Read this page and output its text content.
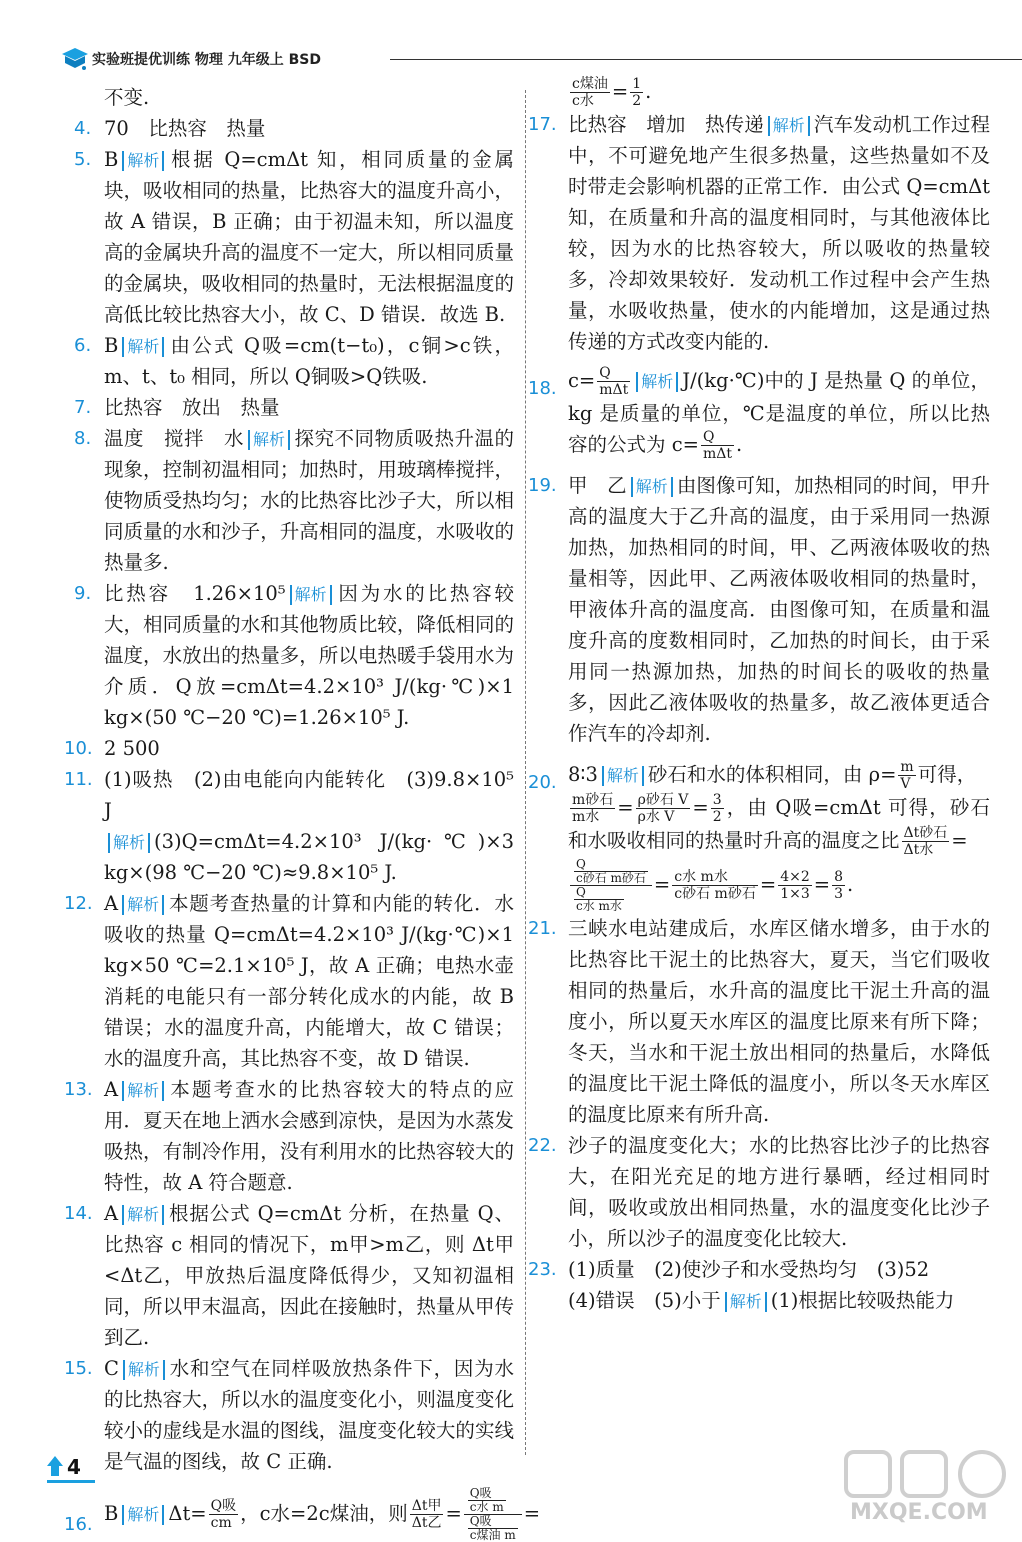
实验班提优训练 物理 九年级上 BSD

不变.

4. 70　比热容　热量

5. B 解析 根据 Q=cmΔt 知，相同质量的金属块，吸收相同的热量，比热容大的温度升高小，故 A 错误，B 正确；由于初温未知，所以温度高的金属块升高的温度不一定大，所以相同质量的金属块，吸收相同的热量时，无法根据温度的高低比较比热容大小，故 C、D 错误．故选 B.

6. B 解析 由公式 Q吸=cm(t−t₀)，c铜>c铁，m、t、t₀ 相同，所以 Q铜吸>Q铁吸.

7. 比热容　放出　热量

8. 温度　搅拌　水 解析 探究不同物质吸热升温的现象，控制初温相同；加热时，用玻璃棒搅拌，使物质受热均匀；水的比热容比沙子大，所以相同质量的水和沙子，升高相同的温度，水吸收的热量多.

9. 比热容　1.26×10⁵ 解析 因为水的比热容较大，相同质量的水和其他物质比较，降低相同的温度，水放出的热量多，所以电热暖手袋用水为介质．Q放=cmΔt=4.2×10³ J/(kg·℃)×1 kg×(50 ℃−20 ℃)=1.26×10⁵ J.

10. 2 500

11. (1)吸热　(2)由电能向内能转化　(3)9.8×10⁵ J

解析 (3)Q=cmΔt=4.2×10³ J/(kg·℃)×3 kg×(98 ℃−20 ℃)≈9.8×10⁵ J.

12. A 解析 本题考查热量的计算和内能的转化．水吸收的热量 Q=cmΔt=4.2×10³ J/(kg·℃)×1 kg×50 ℃=2.1×10⁵ J，故 A 正确；电热水壶消耗的电能只有一部分转化成水的内能，故 B 错误；水的温度升高，内能增大，故 C 错误；水的温度升高，其比热容不变，故 D 错误.

13. A 解析 本题考查水的比热容较大的特点的应用．夏天在地上洒水会感到凉快，是因为水蒸发吸热，有制冷作用，没有利用水的比热容较大的特性，故 A 符合题意.

14. A 解析 根据公式 Q=cmΔt 分析，在热量 Q、比热容 c 相同的情况下，m甲>m乙，则 Δt甲<Δt乙，甲放热后温度降低得少，又知初温相同，所以甲末温高，因此在接触时，热量从甲传到乙.

15. C 解析 水和空气在同样吸放热条件下，因为水的比热容大，所以水的温度变化小，则温度变化较小的虚线是水温的图线，温度变化较大的实线是气温的图线，故 C 正确.

16. B 解析 $\Delta t= \frac{\text{Q吸}}{cm}$ ，c水=2c煤油，则 $\frac{\text{Δt甲}}{\text{Δt乙}} = \frac{\text{Q吸}}{\text{c水 m}}$
$\frac{\text{Q吸}}{\text{c煤油 m}}$
=

$\frac{\text{c煤油}}{\text{c水}} = \frac{1}{2}$ .

17. 比热容　增加　热传递 解析 汽车发动机工作过程中，不可避免地产生很多热量，这些热量如不及时带走会影响机器的正常工作．由公式 Q=cmΔt 知，在质量和升高的温度相同时，与其他液体比较，因为水的比热容较大，所以吸收的热量较多，冷却效果较好．发动机工作过程中会产生热量，水吸收热量，使水的内能增加，这是通过热传递的方式改变内能的.

18. $c= \frac{Q}{\text{mΔt}}$ 解析 J/(kg·℃)中的 J 是热量 Q 的单位，kg 是质量的单位，℃是温度的单位，所以比热容的公式为 $c= \frac{Q}{\text{mΔt}}$ .

19. 甲　乙 解析 由图像可知，加热相同的时间，甲升高的温度大于乙升高的温度，由于采用同一热源加热，加热相同的时间，甲、乙两液体吸收的热量相等，因此甲、乙两液体吸收相同的热量时，甲液体升高的温度高．由图像可知，在质量和温度升高的度数相同时，乙加热的时间长，由于采用同一热源加热，加热的时间长的吸收的热量多，因此乙液体吸收的热量多，故乙液体更适合作汽车的冷却剂.

20. 8∶3 解析 砂石和水的体积相同，由 $\rho= \frac{m}{V}$ 可得，

$\frac{\text{m砂石}}{\text{m水}} = \frac{\text{ρ砂石 V}}{\text{ρ水 V}} = \frac{3}{2}$ ，由 Q吸=cmΔt 可得，砂石和水吸收相同的热量时升高的温度之比 $\frac{\text{Δt砂石}}{\text{Δt水}}$ =

$\frac{Q}{\text{c砂石 m砂石}}$
$\frac{Q}{\text{c水 m水}}$
= $\frac{\text{c水 m水}}{\text{c砂石 m砂石}} = \frac{4\times 2}{1\times 3} = \frac{8}{3}$ .

21. 三峡水电站建成后，水库区储水增多，由于水的比热容比干泥土的比热容大，夏天，当它们吸收相同的热量后，水升高的温度比干泥土升高的温度小，所以夏天水库区的温度比原来有所下降；冬天，当水和干泥土放出相同的热量后，水降低的温度比干泥土降低的温度小，所以冬天水库区的温度比原来有所升高.

22. 沙子的温度变化大；水的比热容比沙子的比热容大，在阳光充足的地方进行暴晒，经过相同时间，吸收或放出相同热量，水的温度变化比沙子小，所以沙子的温度变化比较大.

23. (1)质量　(2)使沙子和水受热均匀　(3)52

(4)错误　(5)小于 解析 (1)根据比较吸热能力

4
MXQE.COM
